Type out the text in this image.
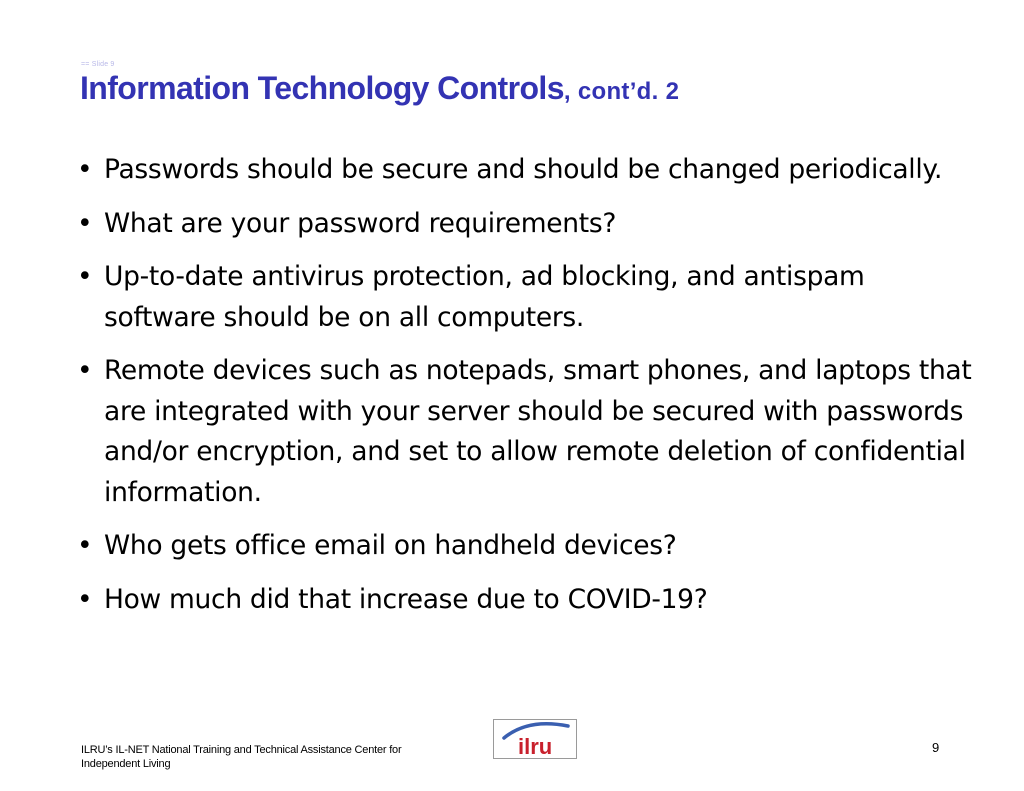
== Slide 9
Information Technology Controls, cont’d. 2
• Passwords should be secure and should be changed periodically.
• What are your password requirements?
• Up-to-date antivirus protection, ad blocking, and antispam software should be on all computers.
• Remote devices such as notepads, smart phones, and laptops that are integrated with your server should be secured with passwords and/or encryption, and set to allow remote deletion of confidential information.
• Who gets office email on handheld devices?
• How much did that increase due to COVID-19?
ILRU’s IL-NET National Training and Technical Assistance Center for
Independent Living
ilru	9
